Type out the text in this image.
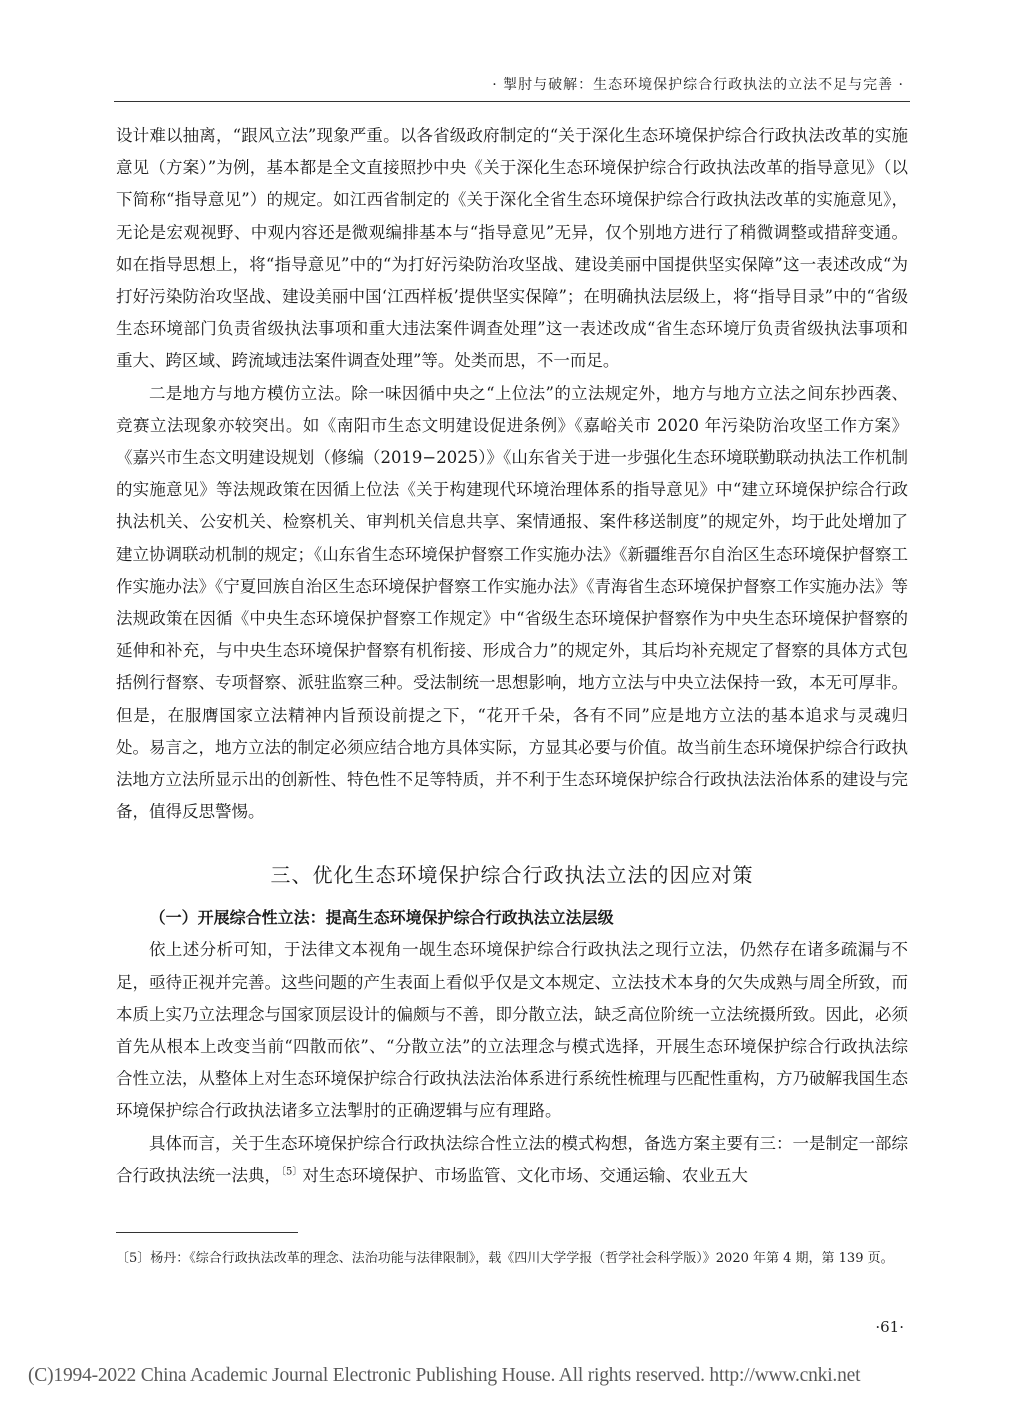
· 掣肘与破解：生态环境保护综合行政执法的立法不足与完善 ·

设计难以抽离，“跟风立法”现象严重。以各省级政府制定的“关于深化生态环境保护综合行政执法改革的实施意见（方案）”为例，基本都是全文直接照抄中央《关于深化生态环境保护综合行政执法改革的指导意见》（以下简称“指导意见”）的规定。如江西省制定的《关于深化全省生态环境保护综合行政执法改革的实施意见》，无论是宏观视野、中观内容还是微观编排基本与“指导意见”无异，仅个别地方进行了稍微调整或措辞变通。如在指导思想上，将“指导意见”中的“为打好污染防治攻坚战、建设美丽中国提供坚实保障”这一表述改成“为打好污染防治攻坚战、建设美丽中国‘江西样板’提供坚实保障”；在明确执法层级上，将“指导目录”中的“省级生态环境部门负责省级执法事项和重大违法案件调查处理”这一表述改成“省生态环境厅负责省级执法事项和重大、跨区域、跨流域违法案件调查处理”等。处类而思，不一而足。

二是地方与地方模仿立法。除一味因循中央之“上位法”的立法规定外，地方与地方立法之间东抄西袭、竞赛立法现象亦较突出。如《南阳市生态文明建设促进条例》《嘉峪关市 2020 年污染防治攻坚工作方案》《嘉兴市生态文明建设规划（修编（2019−2025）》《山东省关于进一步强化生态环境联勤联动执法工作机制的实施意见》等法规政策在因循上位法《关于构建现代环境治理体系的指导意见》中“建立环境保护综合行政执法机关、公安机关、检察机关、审判机关信息共享、案情通报、案件移送制度”的规定外，均于此处增加了建立协调联动机制的规定；《山东省生态环境保护督察工作实施办法》《新疆维吾尔自治区生态环境保护督察工作实施办法》《宁夏回族自治区生态环境保护督察工作实施办法》《青海省生态环境保护督察工作实施办法》等法规政策在因循《中央生态环境保护督察工作规定》中“省级生态环境保护督察作为中央生态环境保护督察的延伸和补充，与中央生态环境保护督察有机衔接、形成合力”的规定外，其后均补充规定了督察的具体方式包括例行督察、专项督察、派驻监察三种。受法制统一思想影响，地方立法与中央立法保持一致，本无可厚非。但是，在服膺国家立法精神内旨预设前提之下，“花开千朵，各有不同”应是地方立法的基本追求与灵魂归处。易言之，地方立法的制定必须应结合地方具体实际，方显其必要与价值。故当前生态环境保护综合行政执法地方立法所显示出的创新性、特色性不足等特质，并不利于生态环境保护综合行政执法法治体系的建设与完备，值得反思警惕。

三、优化生态环境保护综合行政执法立法的因应对策
（一）开展综合性立法：提高生态环境保护综合行政执法立法层级

依上述分析可知，于法律文本视角一觇生态环境保护综合行政执法之现行立法，仍然存在诸多疏漏与不足，亟待正视并完善。这些问题的产生表面上看似乎仅是文本规定、立法技术本身的欠失成熟与周全所致，而本质上实乃立法理念与国家顶层设计的偏颇与不善，即分散立法，缺乏高位阶统一立法统摄所致。因此，必须首先从根本上改变当前“四散而依”、“分散立法”的立法理念与模式选择，开展生态环境保护综合行政执法综合性立法，从整体上对生态环境保护综合行政执法法治体系进行系统性梳理与匹配性重构，方乃破解我国生态环境保护综合行政执法诸多立法掣肘的正确逻辑与应有理路。

具体而言，关于生态环境保护综合行政执法综合性立法的模式构想，备选方案主要有三：一是制定一部综合行政执法统一法典，$^{〔5〕}$对生态环境保护、市场监管、文化市场、交通运输、农业五大

〔5〕杨丹：《综合行政执法改革的理念、法治功能与法律限制》，载《四川大学学报（哲学社会科学版）》2020 年第 4 期，第 139 页。
·61·
(C)1994-2022 China Academic Journal Electronic Publishing House. All rights reserved. http://www.cnki.net
